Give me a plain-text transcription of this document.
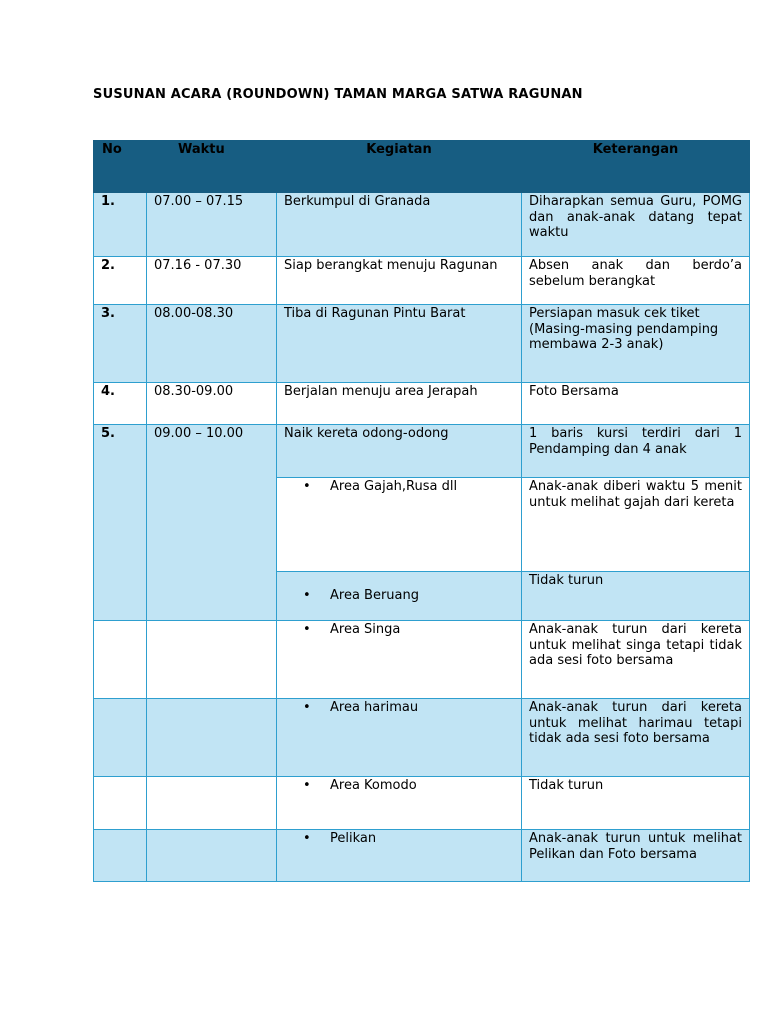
SUSUNAN ACARA (ROUNDOWN) TAMAN MARGA SATWA RAGUNAN
No	Waktu	Kegiatan	Keterangan
1.	07.00 – 07.15	Berkumpul di Granada	Diharapkan semua Guru, POMG dan anak-anak datang tepat waktu
2.	07.16 - 07.30	Siap berangkat menuju Ragunan	Absen anak dan berdo’a sebelum berangkat
3.	08.00-08.30	Tiba di Ragunan Pintu Barat	Persiapan masuk cek tiket (Masing-masing pendamping membawa 2-3 anak)
4.	08.30-09.00	Berjalan menuju area Jerapah	Foto Bersama
5.	09.00 – 10.00	Naik kereta odong-odong	1 baris kursi terdiri dari 1 Pendamping dan 4 anak

		• Area Gajah,Rusa dll	Anak-anak diberi waktu 5 menit untuk melihat gajah dari kereta

		• Area Beruang	Tidak turun

		• Area Singa	Anak-anak turun dari kereta untuk melihat singa tetapi tidak ada sesi foto bersama

		• Area harimau	Anak-anak turun dari kereta untuk melihat harimau tetapi tidak ada sesi foto bersama

		• Area Komodo	Tidak turun

		• Pelikan	Anak-anak turun untuk melihat Pelikan dan Foto bersama
